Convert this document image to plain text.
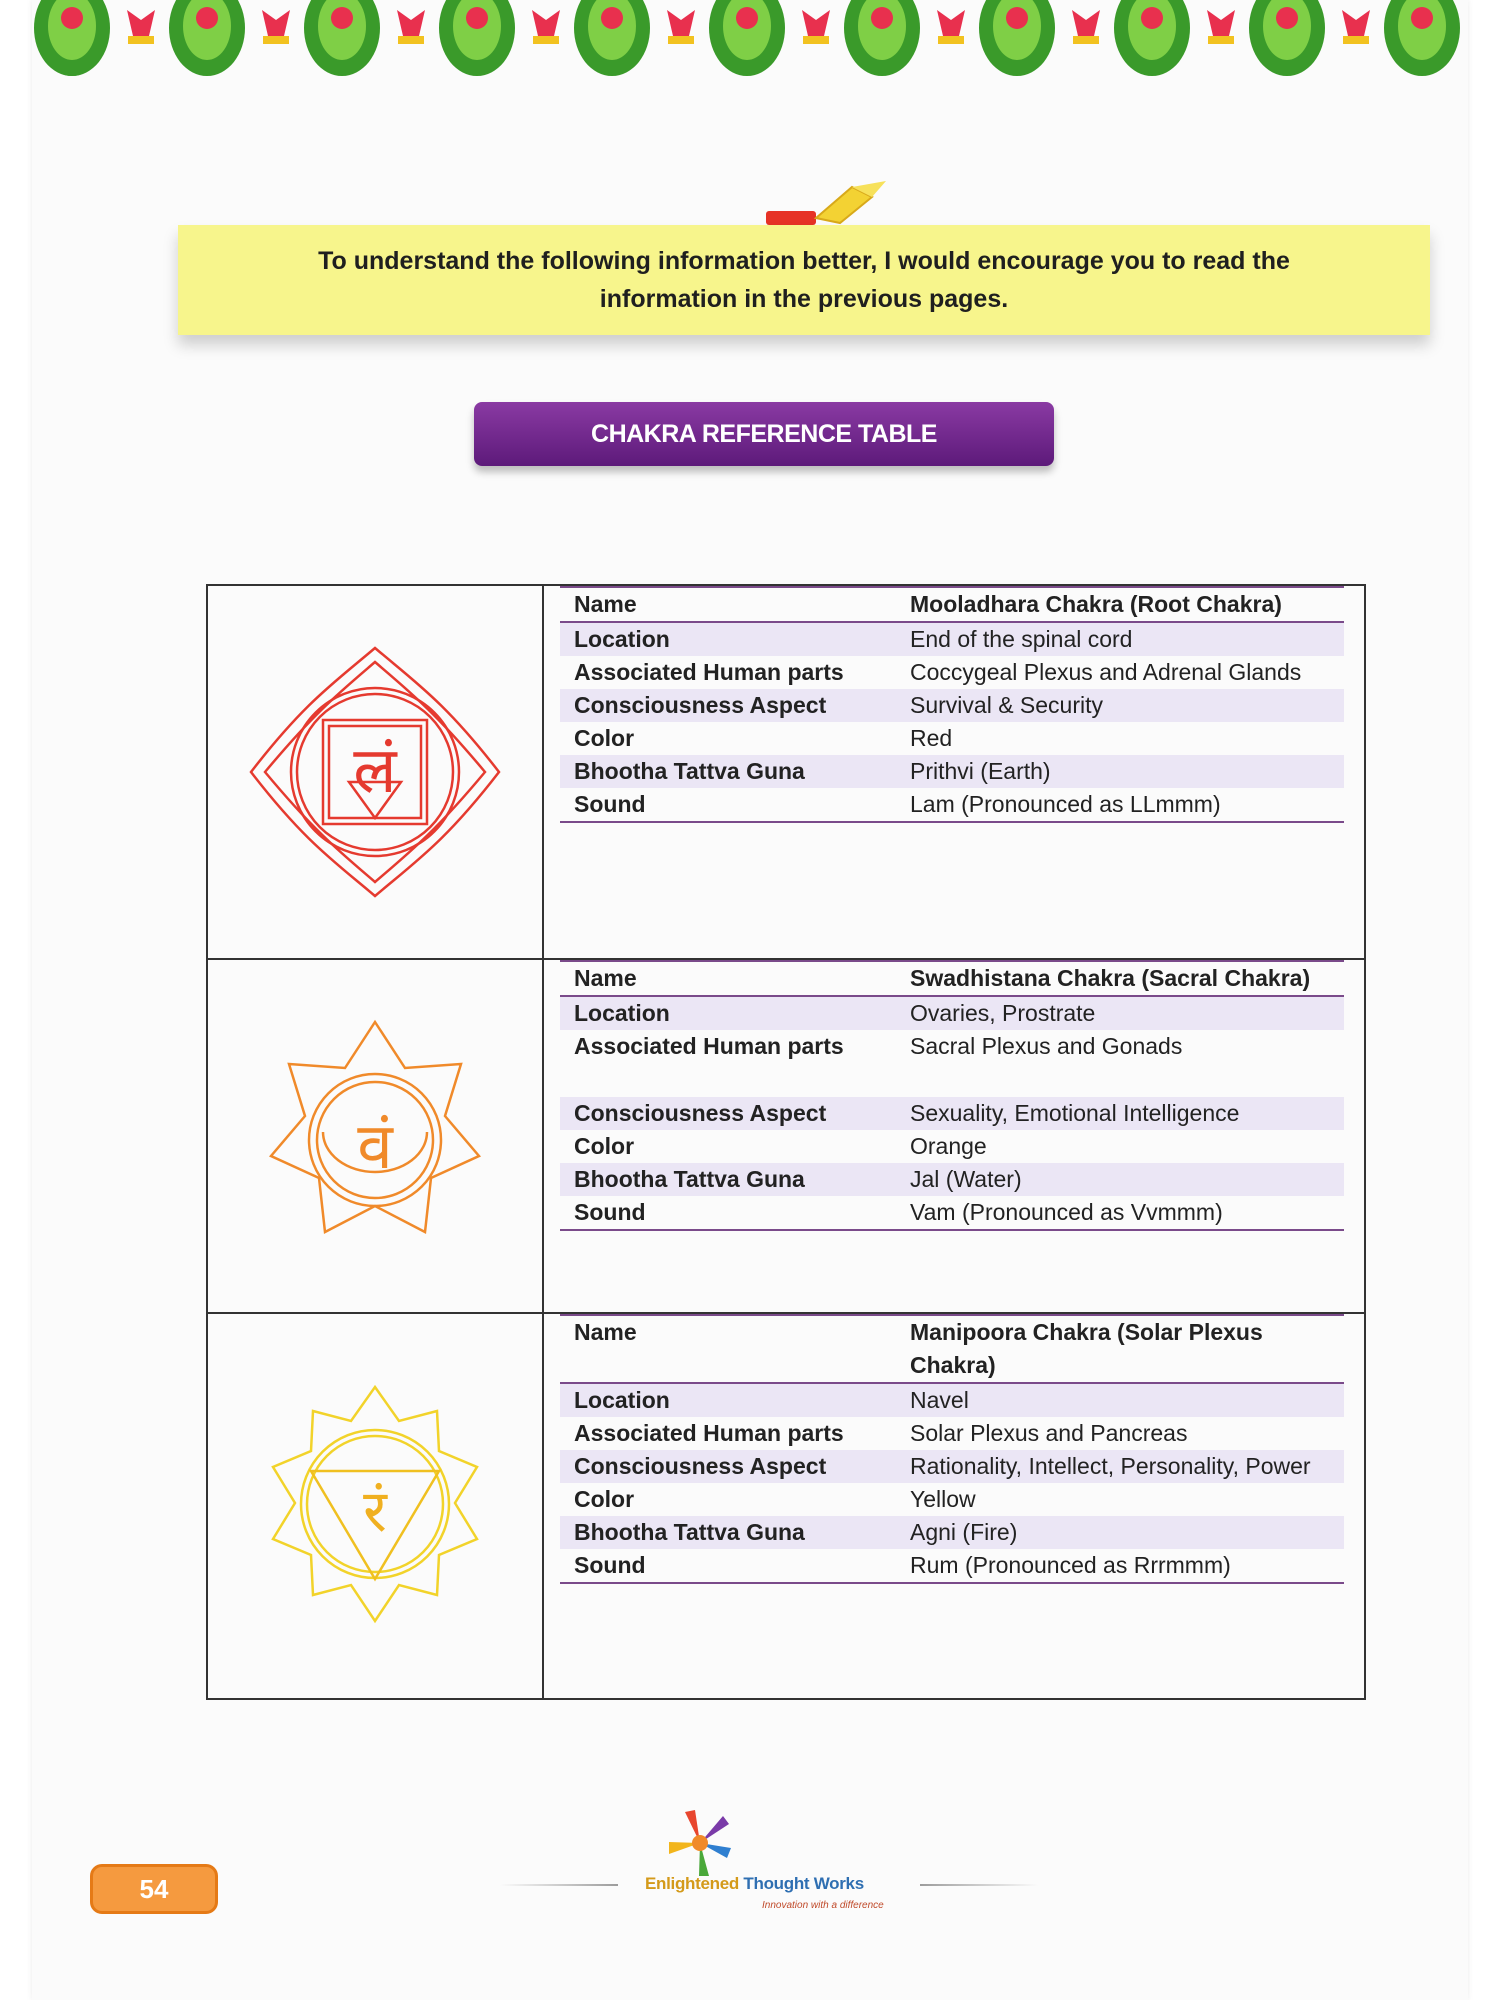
To understand the following information better, I would encourage you to read the

information in the previous pages.

CHAKRA REFERENCE TABLE
लं
Name	Mooladhara Chakra (Root Chakra)
Location	End of the spinal cord
Associated Human parts	Coccygeal Plexus and Adrenal Glands
Consciousness Aspect	Survival & Security
Color	Red
Bhootha Tattva Guna	Prithvi (Earth)
Sound	Lam (Pronounced as LLmmm)
वं
Name	Swadhistana Chakra (Sacral Chakra)
Location	Ovaries, Prostrate
Associated Human parts	Sacral Plexus and Gonads
Consciousness Aspect	Sexuality, Emotional Intelligence
Color	Orange
Bhootha Tattva Guna	Jal (Water)
Sound	Vam (Pronounced as Vvmmm)
रं
Name	Manipoora Chakra (Solar Plexus Chakra)
Location	Navel
Associated Human parts	Solar Plexus and Pancreas
Consciousness Aspect	Rationality, Intellect, Personality, Power
Color	Yellow
Bhootha Tattva Guna	Agni (Fire)
Sound	Rum (Pronounced as Rrrmmm)
54	Enlightened Thought Works
Innovation with a difference
